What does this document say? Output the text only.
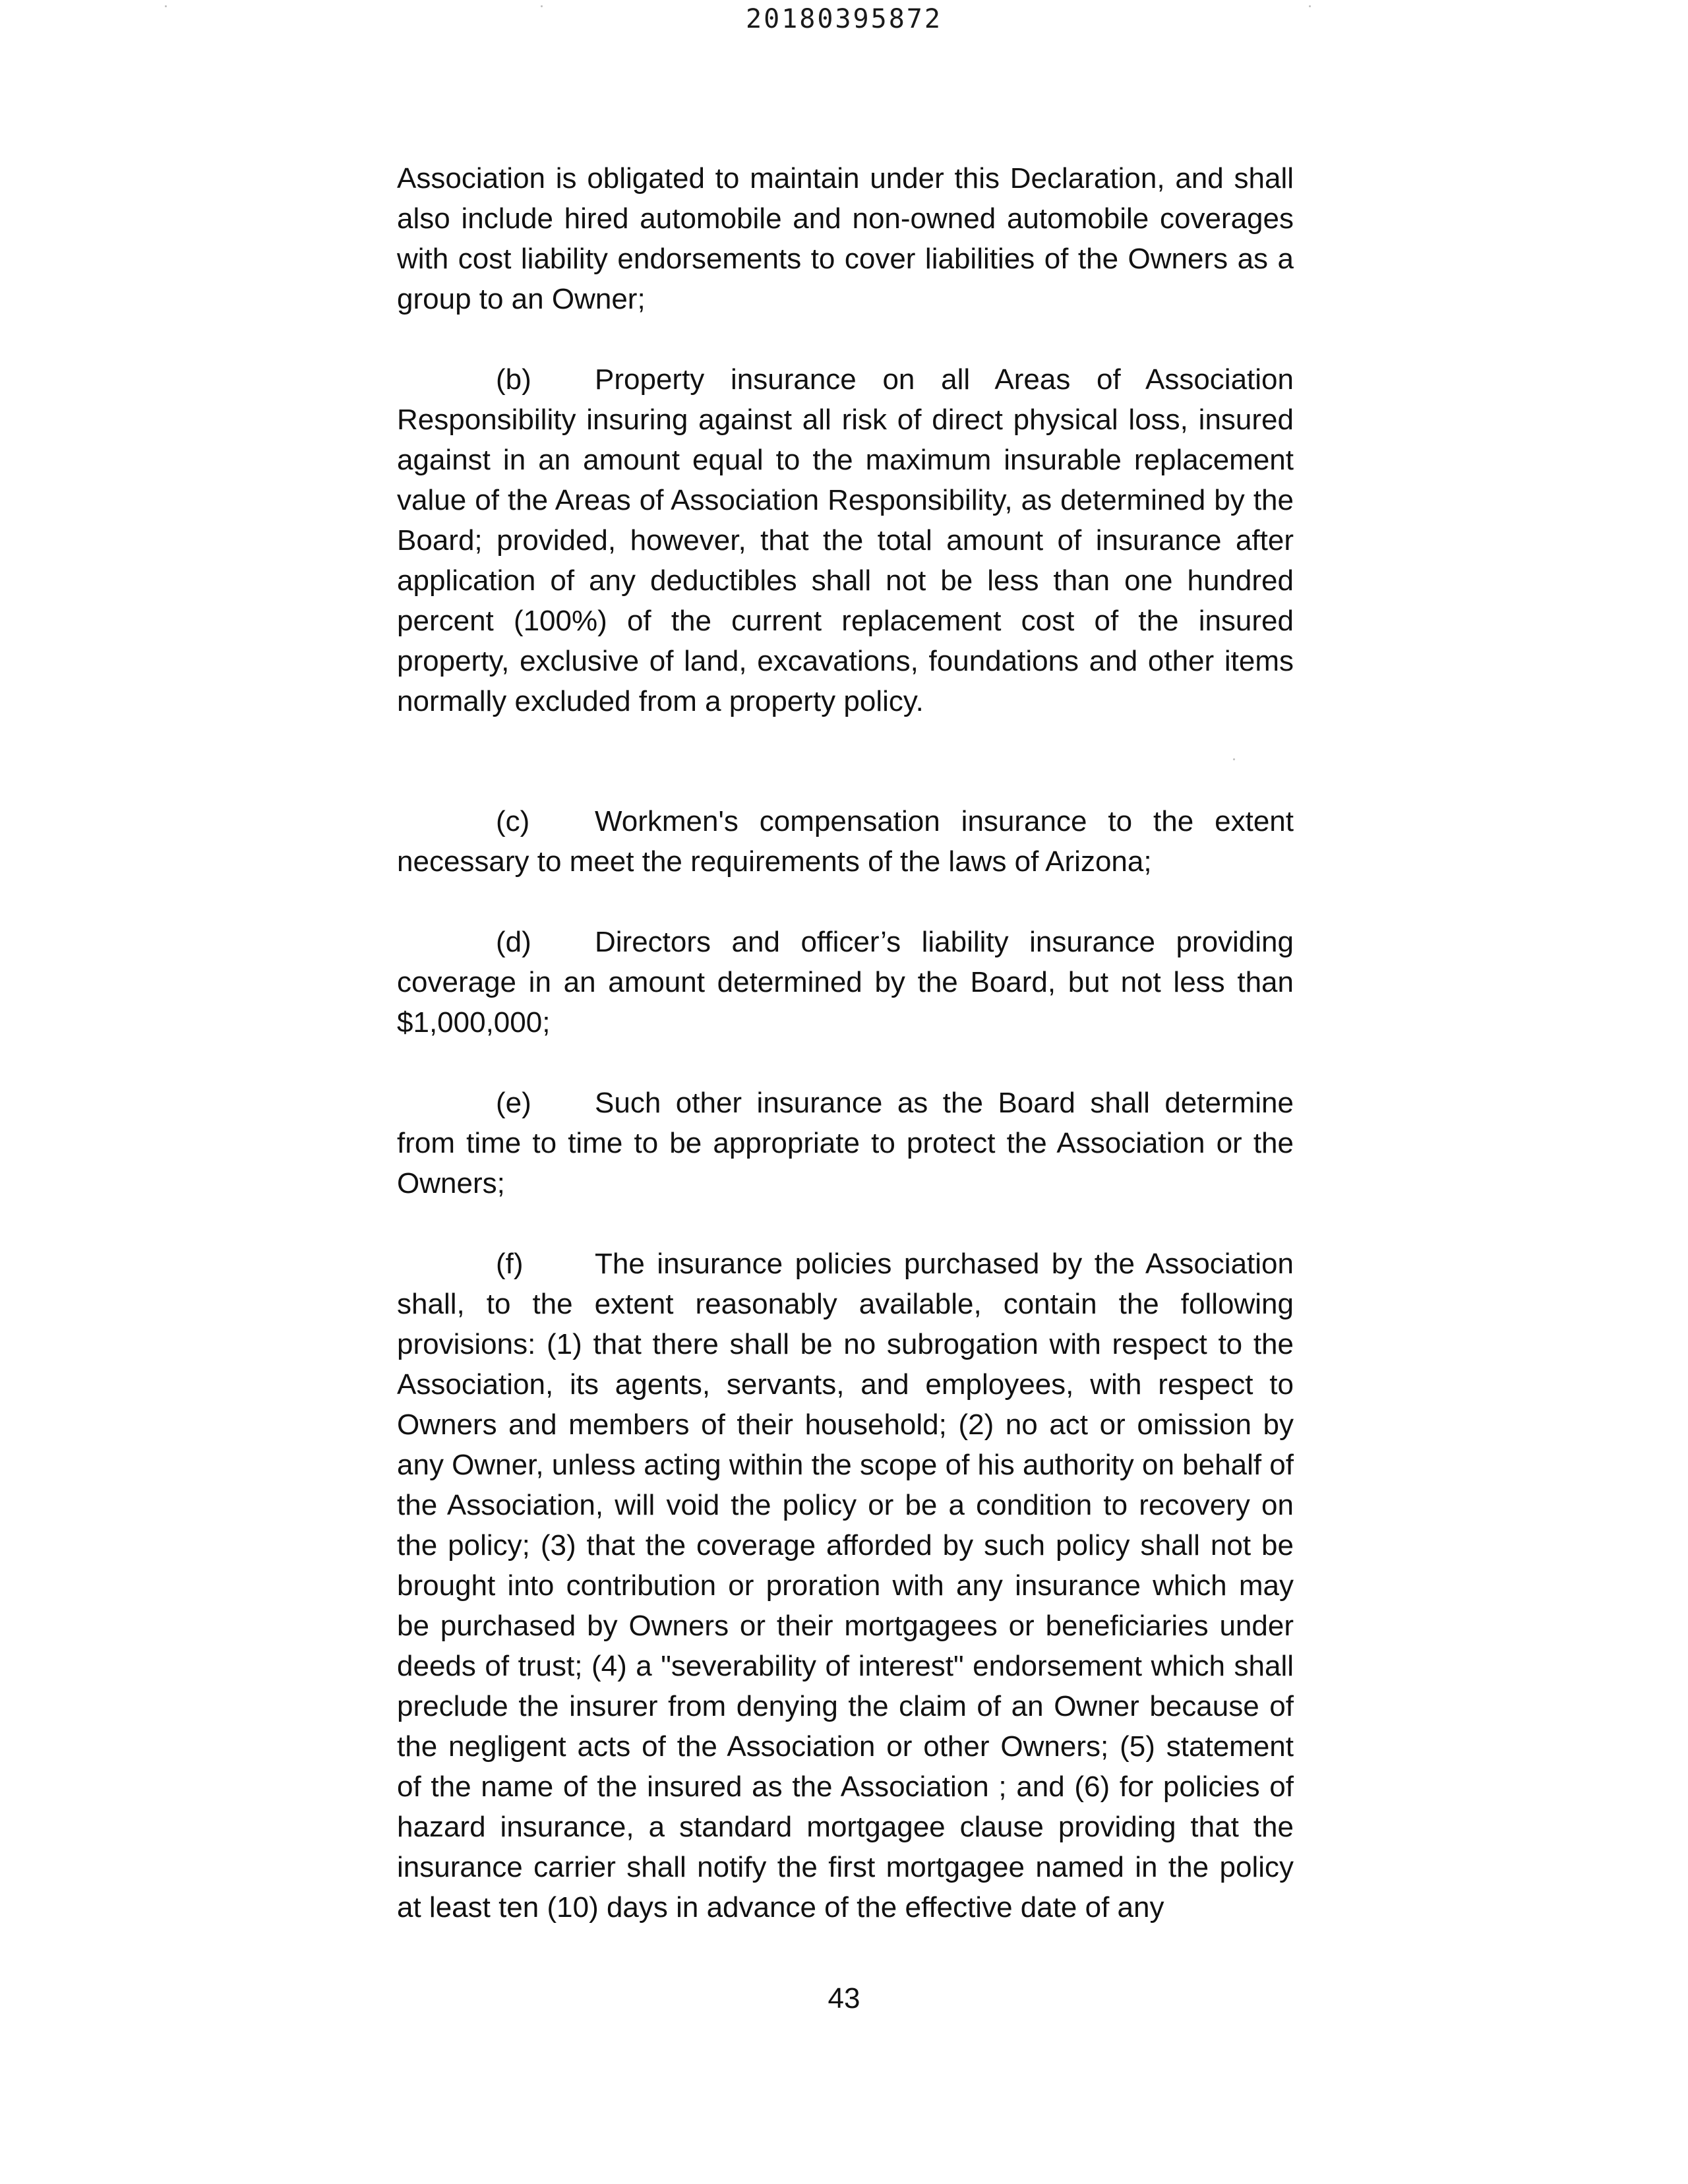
20180395872

Association is obligated to maintain under this Declaration, and shall also include hired automobile and non-owned automobile coverages with cost liability endorsements to cover liabilities of the Owners as a group to an Owner;

(b) Property insurance on all Areas of Association Responsibility insuring against all risk of direct physical loss, insured against in an amount equal to the maximum insurable replacement value of the Areas of Association Responsibility, as determined by the Board; provided, however, that the total amount of insurance after application of any deductibles shall not be less than one hundred percent (100%) of the current replacement cost of the insured property, exclusive of land, excavations, foundations and other items normally excluded from a property policy.

(c) Workmen's compensation insurance to the extent necessary to meet the requirements of the laws of Arizona;

(d) Directors and officer’s liability insurance providing coverage in an amount determined by the Board, but not less than $1,000,000;

(e) Such other insurance as the Board shall determine from time to time to be appropriate to protect the Association or the Owners;

(f) The insurance policies purchased by the Association shall, to the extent reasonably available, contain the following provisions: (1) that there shall be no subrogation with respect to the Association, its agents, servants, and employees, with respect to Owners and members of their household; (2) no act or omission by any Owner, unless acting within the scope of his authority on behalf of the Association, will void the policy or be a condition to recovery on the policy; (3) that the coverage afforded by such policy shall not be brought into contribution or proration with any insurance which may be purchased by Owners or their mortgagees or beneficiaries under deeds of trust; (4) a "severability of interest" endorsement which shall preclude the insurer from denying the claim of an Owner because of the negligent acts of the Association or other Owners; (5) statement of the name of the insured as the Association ; and (6) for policies of hazard insurance, a standard mortgagee clause providing that the insurance carrier shall notify the first mortgagee named in the policy at least ten (10) days in advance of the effective date of any

43
